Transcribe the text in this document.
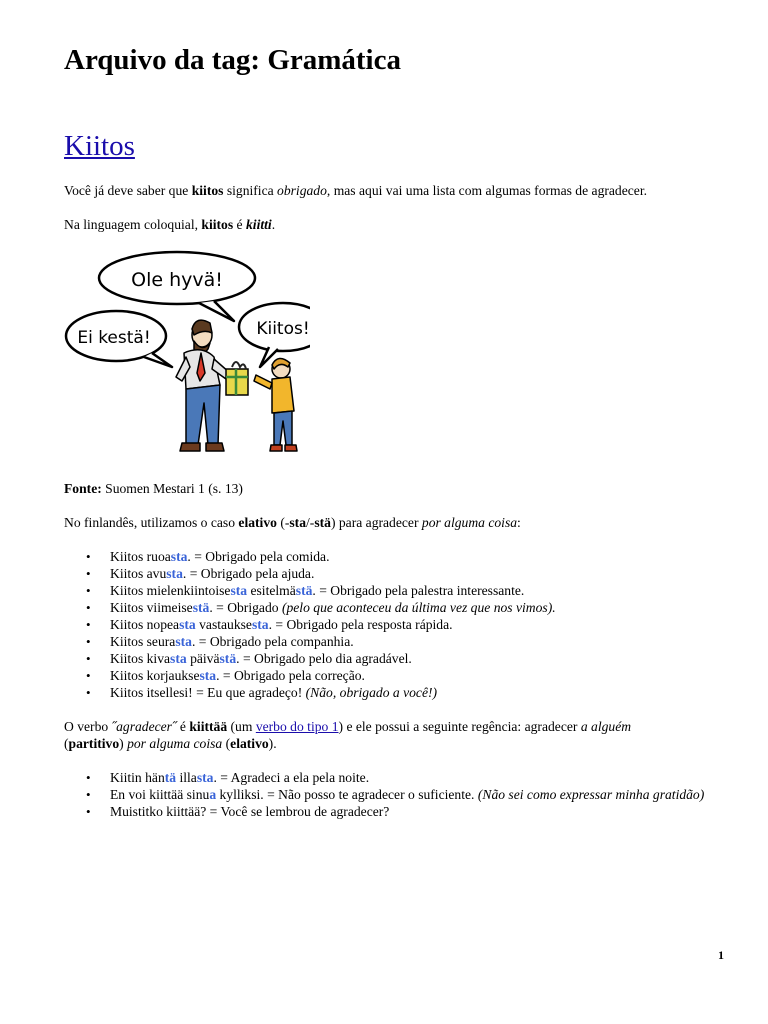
Arquivo da tag: Gramática
Kiitos

Você já deve saber que kiitos significa obrigado, mas aqui vai uma lista com algumas formas de agradecer.

Na linguagem coloquial, kiitos é kiitti.

Ole hyvä!
Ei kestä!	Kiitos!

Fonte: Suomen Mestari 1 (s. 13)

No finlandês, utilizamos o caso elativo (-sta/-stä) para agradecer por alguma coisa:

• Kiitos ruoasta. = Obrigado pela comida.
• Kiitos avusta. = Obrigado pela ajuda.
• Kiitos mielenkiintoisesta esitelmästä. = Obrigado pela palestra interessante.
• Kiitos viimeisestä. = Obrigado (pelo que aconteceu da última vez que nos vimos).
• Kiitos nopeasta vastauksesta. = Obrigado pela resposta rápida.
• Kiitos seurasta. = Obrigado pela companhia.
• Kiitos kivasta päivästä. = Obrigado pelo dia agradável.
• Kiitos korjauksesta. = Obrigado pela correção.
• Kiitos itsellesi! = Eu que agradeço! (Não, obrigado a você!)

O verbo ˝agradecer˝ é kiittää (um verbo do tipo 1) e ele possui a seguinte regência: agradecer a alguém
(partitivo) por alguma coisa (elativo).

• Kiitin häntä illasta. = Agradeci a ela pela noite.
• En voi kiittää sinua kylliksi. = Não posso te agradecer o suficiente. (Não sei como expressar minha gratidão)
• Muistitko kiittää? = Você se lembrou de agradecer?
1
